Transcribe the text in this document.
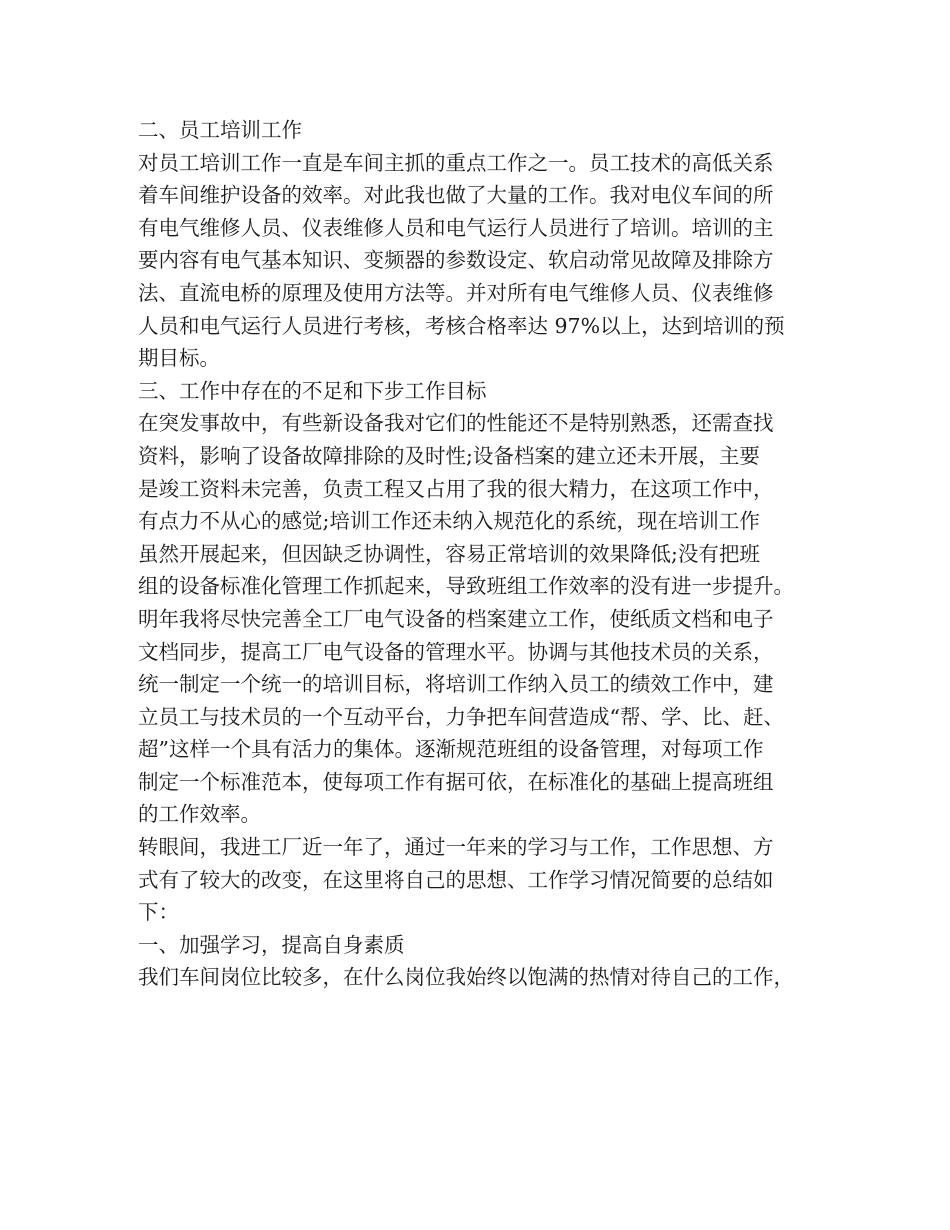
二、员工培训工作
对员工培训工作一直是车间主抓的重点工作之一。员工技术的高低关系
着车间维护设备的效率。对此我也做了大量的工作。我对电仪车间的所
有电气维修人员、仪表维修人员和电气运行人员进行了培训。培训的主
要内容有电气基本知识、变频器的参数设定、软启动常见故障及排除方
法、直流电桥的原理及使用方法等。并对所有电气维修人员、仪表维修
人员和电气运行人员进行考核，考核合格率达 97%以上，达到培训的预
期目标。
三、工作中存在的不足和下步工作目标
在突发事故中，有些新设备我对它们的性能还不是特别熟悉，还需查找
资料，影响了设备故障排除的及时性;设备档案的建立还未开展，主要
是竣工资料未完善，负责工程又占用了我的很大精力，在这项工作中，
有点力不从心的感觉;培训工作还未纳入规范化的系统，现在培训工作
虽然开展起来，但因缺乏协调性，容易正常培训的效果降低;没有把班
组的设备标准化管理工作抓起来，导致班组工作效率的没有进一步提升。
明年我将尽快完善全工厂电气设备的档案建立工作，使纸质文档和电子
文档同步，提高工厂电气设备的管理水平。协调与其他技术员的关系，
统一制定一个统一的培训目标，将培训工作纳入员工的绩效工作中，建
立员工与技术员的一个互动平台，力争把车间营造成“帮、学、比、赶、
超”这样一个具有活力的集体。逐渐规范班组的设备管理，对每项工作
制定一个标准范本，使每项工作有据可依，在标准化的基础上提高班组
的工作效率。
转眼间，我进工厂近一年了，通过一年来的学习与工作，工作思想、方
式有了较大的改变，在这里将自己的思想、工作学习情况简要的总结如
下：
一、加强学习，提高自身素质
我们车间岗位比较多，在什么岗位我始终以饱满的热情对待自己的工作，
